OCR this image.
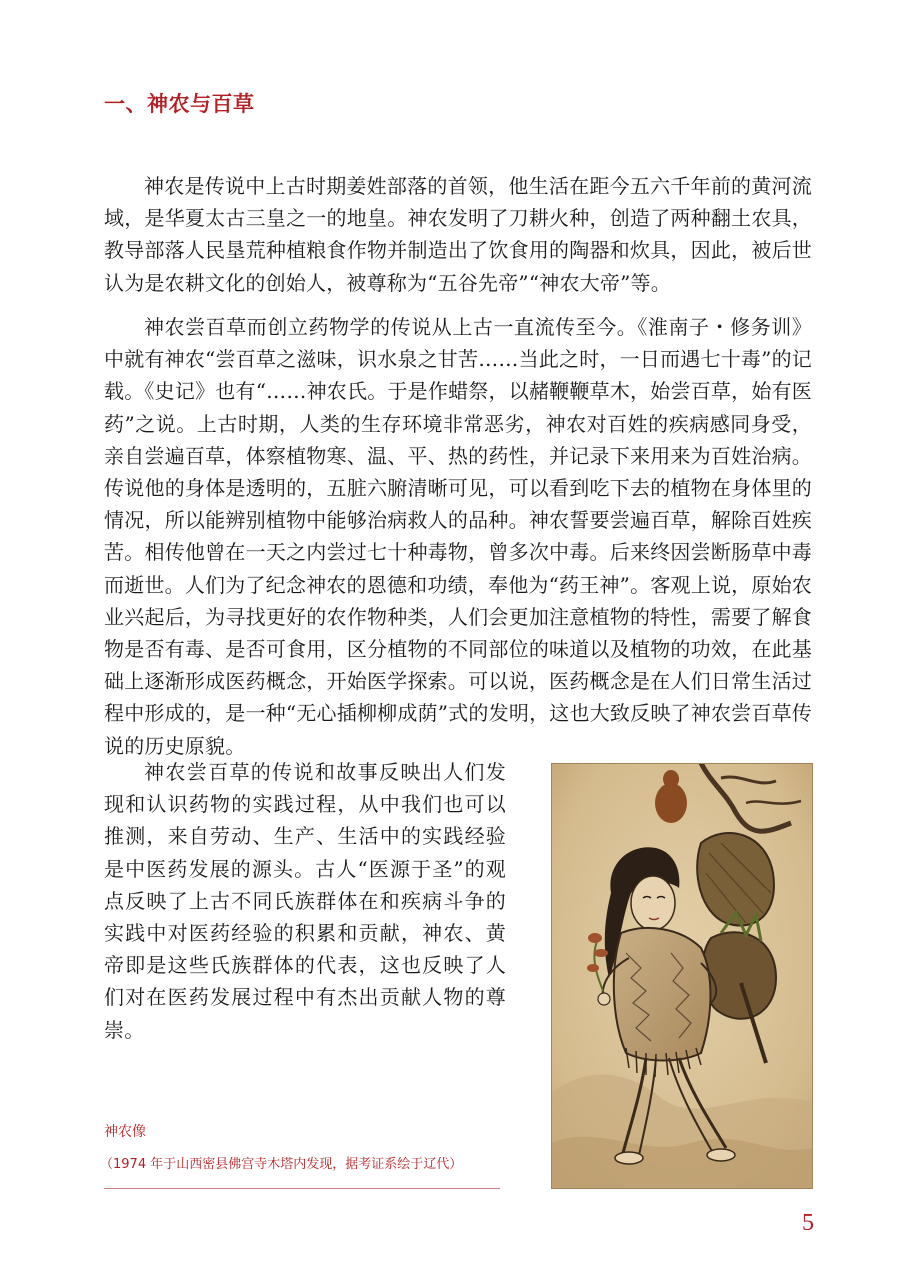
一、神农与百草

神农是传说中上古时期姜姓部落的首领，他生活在距今五六千年前的黄河流域，是华夏太古三皇之一的地皇。神农发明了刀耕火种，创造了两种翻土农具，教导部落人民垦荒种植粮食作物并制造出了饮食用的陶器和炊具，因此，被后世认为是农耕文化的创始人，被尊称为“五谷先帝”“神农大帝”等。

神农尝百草而创立药物学的传说从上古一直流传至今。《淮南子・修务训》中就有神农“尝百草之滋味，识水泉之甘苦……当此之时，一日而遇七十毒”的记载。《史记》也有“……神农氏。于是作蜡祭，以赭鞭鞭草木，始尝百草，始有医药”之说。上古时期，人类的生存环境非常恶劣，神农对百姓的疾病感同身受，亲自尝遍百草，体察植物寒、温、平、热的药性，并记录下来用来为百姓治病。传说他的身体是透明的，五脏六腑清晰可见，可以看到吃下去的植物在身体里的情况，所以能辨别植物中能够治病救人的品种。神农誓要尝遍百草，解除百姓疾苦。相传他曾在一天之内尝过七十种毒物，曾多次中毒。后来终因尝断肠草中毒而逝世。人们为了纪念神农的恩德和功绩，奉他为“药王神”。客观上说，原始农业兴起后，为寻找更好的农作物种类，人们会更加注意植物的特性，需要了解食物是否有毒、是否可食用，区分植物的不同部位的味道以及植物的功效，在此基础上逐渐形成医药概念，开始医学探索。可以说，医药概念是在人们日常生活过程中形成的，是一种“无心插柳柳成荫”式的发明，这也大致反映了神农尝百草传说的历史原貌。

神农尝百草的传说和故事反映出人们发现和认识药物的实践过程，从中我们也可以推测，来自劳动、生产、生活中的实践经验是中医药发展的源头。古人“医源于圣”的观点反映了上古不同氏族群体在和疾病斗争的实践中对医药经验的积累和贡献，神农、黄帝即是这些氏族群体的代表，这也反映了人们对在医药发展过程中有杰出贡献人物的尊崇。

神农像

（1974 年于山西密县佛宫寺木塔内发现，据考证系绘于辽代）

5
